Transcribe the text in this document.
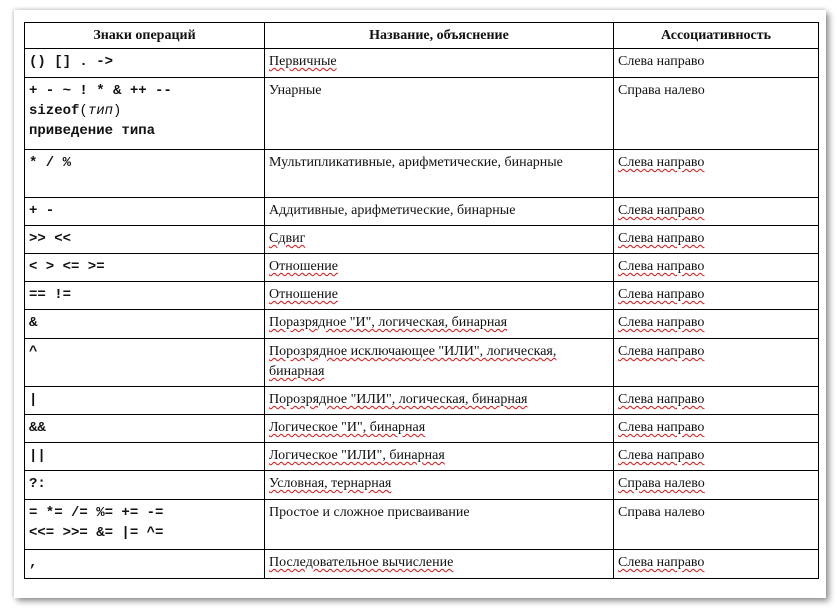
Знаки операций	Название, объяснение	Ассоциативность

() [] . ->	Первичные	Слева направо

+ - ~ ! * & ++ --
sizeof(тип)
приведение типа	Унарные	Справа налево

* / %	Мультипликативные, арифметические, бинарные	Слева направо

+ -	Аддитивные, арифметические, бинарные	Слева направо

>> <<	Сдвиг	Слева направо

< > <= >=	Отношение	Слева направо

== !=	Отношение	Слева направо

&	Поразрядное "И", логическая, бинарная	Слева направо

^	Порозрядное исключающее "ИЛИ", логическая, бинарная	Слева направо

|	Порозрядное "ИЛИ", логическая, бинарная	Слева направо

&&	Логическое "И", бинарная	Слева направо

||	Логическое "ИЛИ", бинарная	Слева направо

?:	Условная, тернарная	Справа налево

= *= /= %= += -=
<<= >>= &= |= ^=	Простое и сложное присваивание	Справа налево

,	Последовательное вычисление	Слева направо
